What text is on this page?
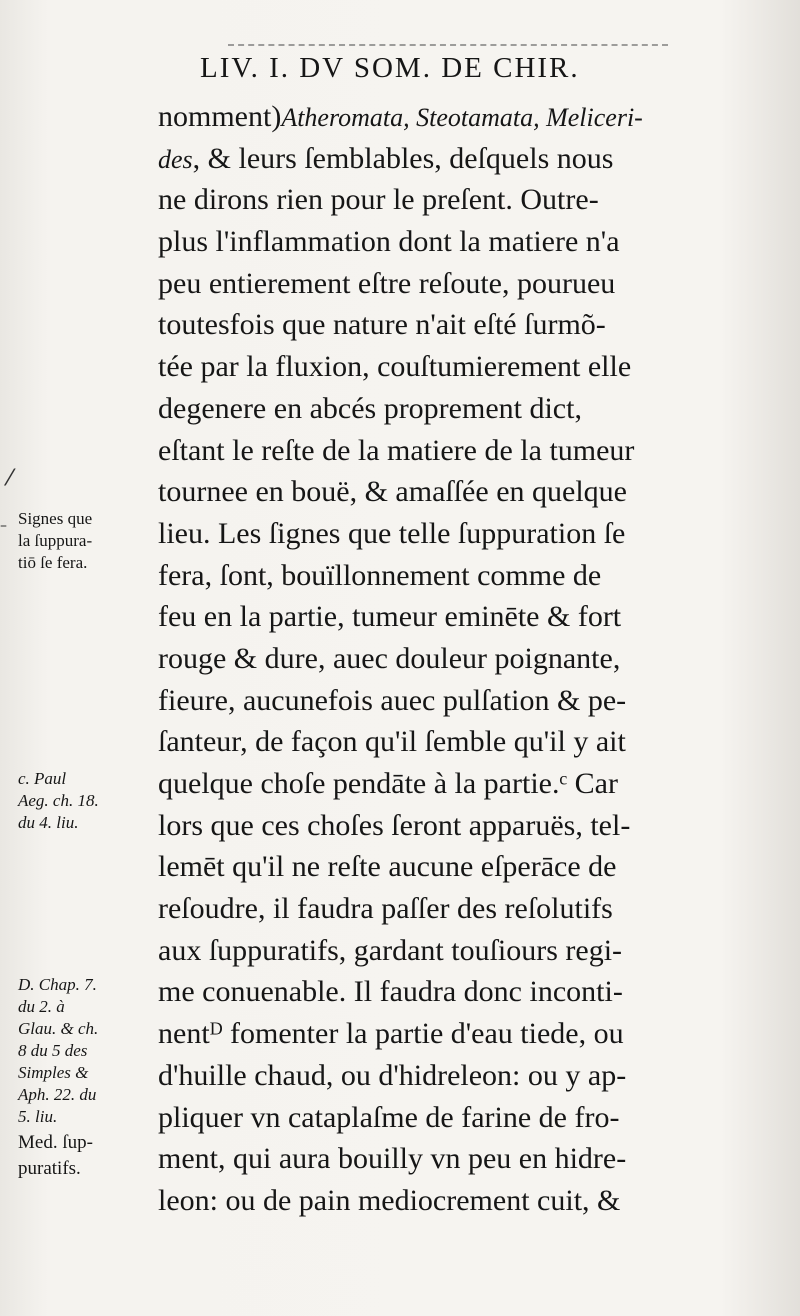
LIV. I. DV SOM. DE CHIR.
nomment)Atheromata, Steotamata, Meliceri-
des, & leurs ſemblables, deſquels nous
ne dirons rien pour le preſent. Outre-
plus l'inflammation dont la matiere n'a
peu entierement eſtre reſoute, pourueu
toutesfois que nature n'ait eſté ſurmõ-
tée par la fluxion, couſtumierement elle
degenere en abcés proprement dict,
eſtant le reſte de la matiere de la tumeur
tournee en bouë, & amaſſée en quelque
lieu. Les ſignes que telle ſuppuration ſe
fera, ſont, bouïllonnement comme de
feu en la partie, tumeur eminēte & fort
rouge & dure, auec douleur poignante,
fieure, aucunefois auec pulſation & pe-
ſanteur, de façon qu'il ſemble qu'il y ait
quelque choſe pendāte à la partie.ᶜ Car
lors que ces choſes ſeront apparuës, tel-
lemēt qu'il ne reſte aucune eſperāce de
reſoudre, il faudra paſſer des reſolutifs
aux ſuppuratifs, gardant touſiours regi-
me conuenable. Il faudra donc inconti-
nentᴰ fomenter la partie d'eau tiede, ou
d'huille chaud, ou d'hidreleon: ou y ap-
pliquer vn cataplaſme de farine de fro-
ment, qui aura bouilly vn peu en hidre-
leon: ou de pain mediocrement cuit, &
Signes que
la ſuppura-
tiō ſe fera.
c. Paul
Aeg. ch. 18.
du 4. liu.
D. Chap. 7.
du 2. à
Glau. & ch.
8 du 5 des
Simples &
Aph. 22. du
5. liu.
Med. ſup-
puratifs.
⁄
–
